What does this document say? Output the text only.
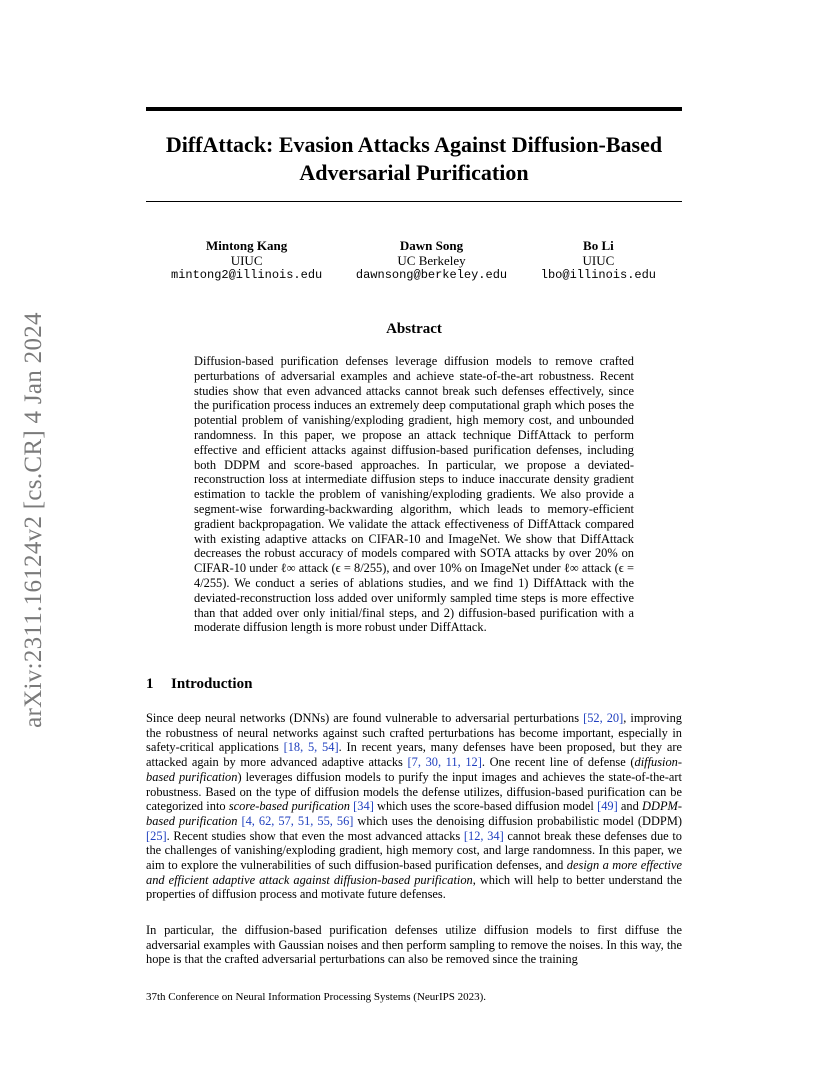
arXiv:2311.16124v2 [cs.CR] 4 Jan 2024
DiffAttack: Evasion Attacks Against Diffusion-Based
Adversarial Purification
Mintong Kang
UIUC
mintong2@illinois.edu
Dawn Song
UC Berkeley
dawnsong@berkeley.edu
Bo Li
UIUC
lbo@illinois.edu
Abstract

Diffusion-based purification defenses leverage diffusion models to remove crafted perturbations of adversarial examples and achieve state-of-the-art robustness. Recent studies show that even advanced attacks cannot break such defenses effectively, since the purification process induces an extremely deep computational graph which poses the potential problem of vanishing/exploding gradient, high memory cost, and unbounded randomness. In this paper, we propose an attack technique DiffAttack to perform effective and efficient attacks against diffusion-based purification defenses, including both DDPM and score-based approaches. In particular, we propose a deviated-reconstruction loss at intermediate diffusion steps to induce inaccurate density gradient estimation to tackle the problem of vanishing/exploding gradients. We also provide a segment-wise forwarding-backwarding algorithm, which leads to memory-efficient gradient backpropagation. We validate the attack effectiveness of DiffAttack compared with existing adaptive attacks on CIFAR-10 and ImageNet. We show that DiffAttack decreases the robust accuracy of models compared with SOTA attacks by over 20% on CIFAR-10 under ℓ∞ attack (ϵ = 8/255), and over 10% on ImageNet under ℓ∞ attack (ϵ = 4/255). We conduct a series of ablations studies, and we find 1) DiffAttack with the deviated-reconstruction loss added over uniformly sampled time steps is more effective than that added over only initial/final steps, and 2) diffusion-based purification with a moderate diffusion length is more robust under DiffAttack.

1 Introduction

Since deep neural networks (DNNs) are found vulnerable to adversarial perturbations [52, 20], improving the robustness of neural networks against such crafted perturbations has become important, especially in safety-critical applications [18, 5, 54]. In recent years, many defenses have been proposed, but they are attacked again by more advanced adaptive attacks [7, 30, 11, 12]. One recent line of defense (diffusion-based purification) leverages diffusion models to purify the input images and achieves the state-of-the-art robustness. Based on the type of diffusion models the defense utilizes, diffusion-based purification can be categorized into score-based purification [34] which uses the score-based diffusion model [49] and DDPM-based purification [4, 62, 57, 51, 55, 56] which uses the denoising diffusion probabilistic model (DDPM) [25]. Recent studies show that even the most advanced attacks [12, 34] cannot break these defenses due to the challenges of vanishing/exploding gradient, high memory cost, and large randomness. In this paper, we aim to explore the vulnerabilities of such diffusion-based purification defenses, and design a more effective and efficient adaptive attack against diffusion-based purification, which will help to better understand the properties of diffusion process and motivate future defenses.

In particular, the diffusion-based purification defenses utilize diffusion models to first diffuse the adversarial examples with Gaussian noises and then perform sampling to remove the noises. In this way, the hope is that the crafted adversarial perturbations can also be removed since the training

37th Conference on Neural Information Processing Systems (NeurIPS 2023).
